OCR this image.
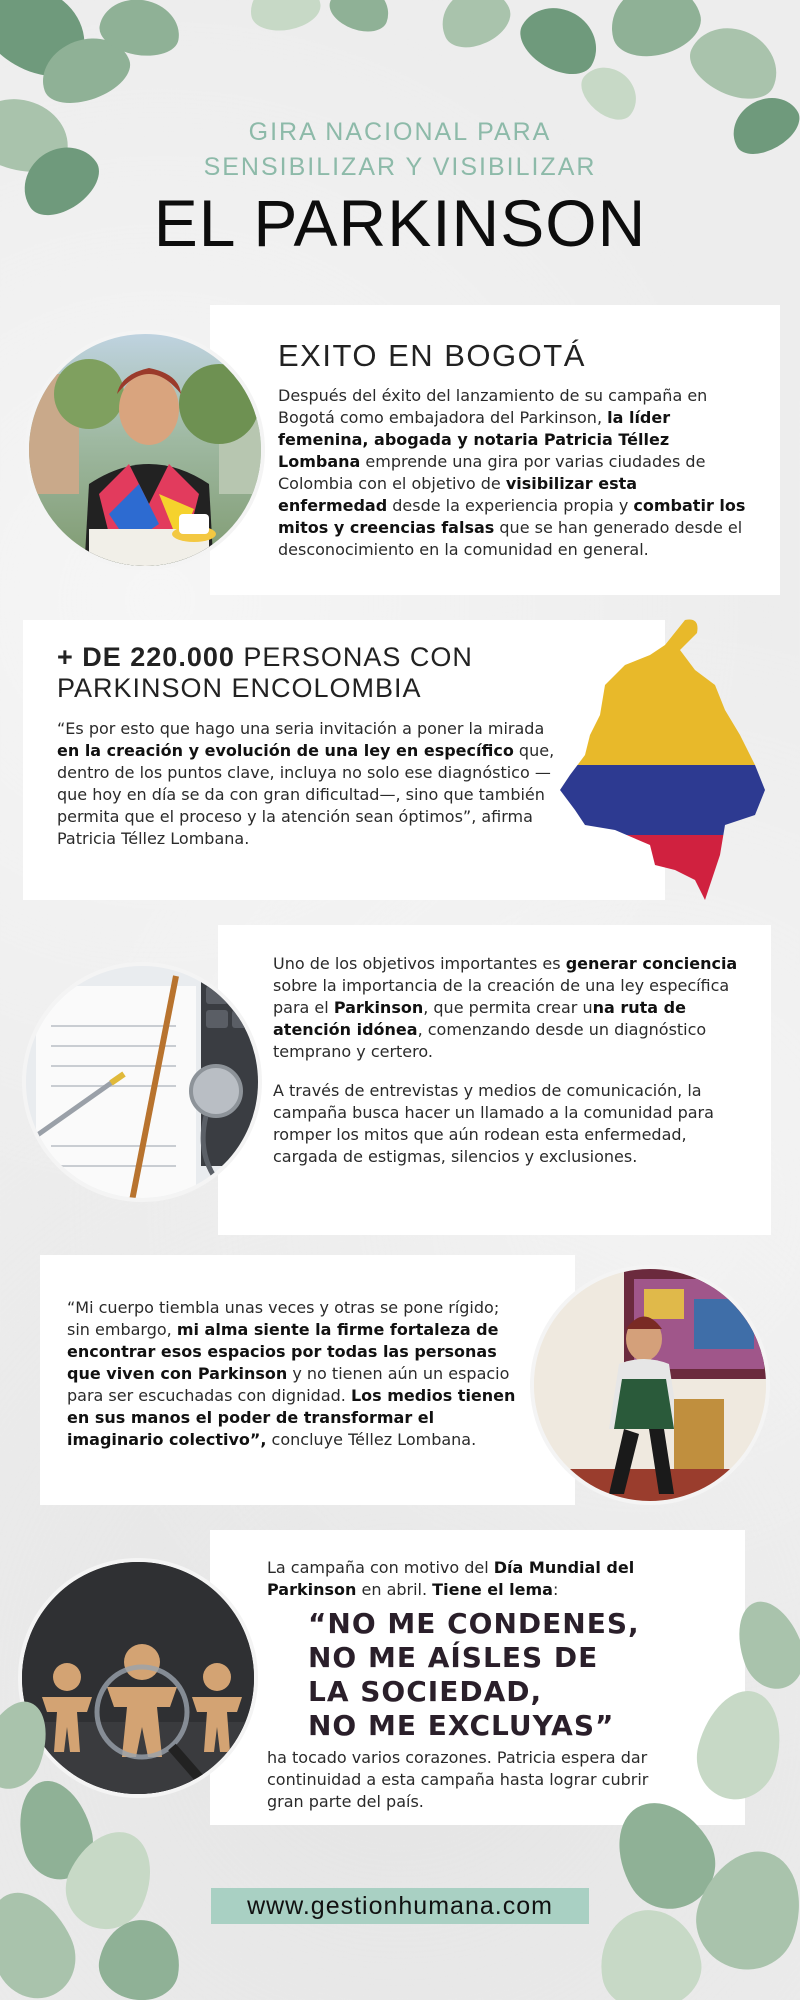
GIRA NACIONAL PARA
SENSIBILIZAR Y VISIBILIZAR
EL PARKINSON
EXITO EN BOGOTÁ
Después del éxito del lanzamiento de su campaña en Bogotá como embajadora del Parkinson, la líder femenina, abogada y notaria Patricia Téllez Lombana emprende una gira por varias ciudades de Colombia con el objetivo de visibilizar esta enfermedad desde la experiencia propia y combatir los mitos y creencias falsas que se han generado desde el desconocimiento en la comunidad en general.
+ DE 220.000 PERSONAS CON PARKINSON ENCOLOMBIA
“Es por esto que hago una seria invitación a poner la mirada en la creación y evolución de una ley en específico que, dentro de los puntos clave, incluya no solo ese diagnóstico —que hoy en día se da con gran dificultad—, sino que también permita que el proceso y la atención sean óptimos”, afirma Patricia Téllez Lombana.
Uno de los objetivos importantes es generar conciencia sobre la importancia de la creación de una ley específica para el Parkinson, que permita crear una ruta de atención idónea, comenzando desde un diagnóstico temprano y certero.
A través de entrevistas y medios de comunicación, la campaña busca hacer un llamado a la comunidad para romper los mitos que aún rodean esta enfermedad, cargada de estigmas, silencios y exclusiones.
“Mi cuerpo tiembla unas veces y otras se pone rígido; sin embargo, mi alma siente la firme fortaleza de encontrar esos espacios por todas las personas que viven con Parkinson y no tienen aún un espacio para ser escuchadas con dignidad. Los medios tienen en sus manos el poder de transformar el imaginario colectivo”, concluye Téllez Lombana.
La campaña con motivo del Día Mundial del Parkinson en abril. Tiene el lema:
“NO ME CONDENES,
NO ME AÍSLES DE
LA SOCIEDAD,
NO ME EXCLUYAS”
ha tocado varios corazones. Patricia espera dar continuidad a esta campaña hasta lograr cubrir gran parte del país.
www.gestionhumana.com
